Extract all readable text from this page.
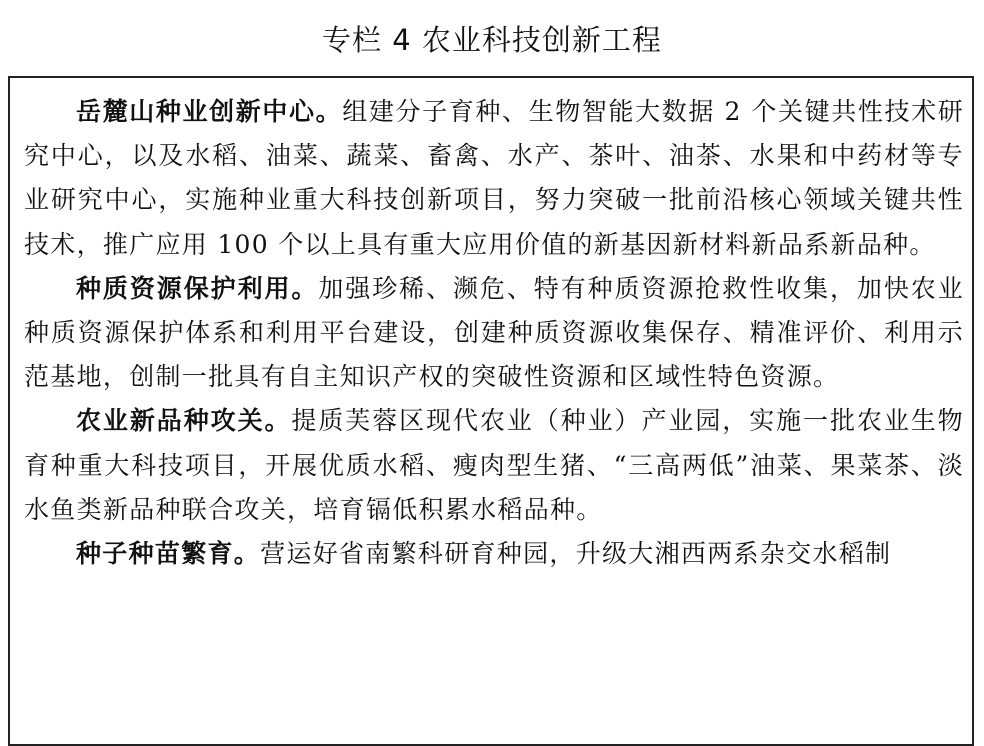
专栏 4 农业科技创新工程

岳麓山种业创新中心。组建分子育种、生物智能大数据 2 个关键共性技术研究中心，以及水稻、油菜、蔬菜、畜禽、水产、茶叶、油茶、水果和中药材等专业研究中心，实施种业重大科技创新项目，努力突破一批前沿核心领域关键共性技术，推广应用 100 个以上具有重大应用价值的新基因新材料新品系新品种。

种质资源保护利用。加强珍稀、濒危、特有种质资源抢救性收集，加快农业种质资源保护体系和利用平台建设，创建种质资源收集保存、精准评价、利用示范基地，创制一批具有自主知识产权的突破性资源和区域性特色资源。

农业新品种攻关。提质芙蓉区现代农业（种业）产业园，实施一批农业生物育种重大科技项目，开展优质水稻、瘦肉型生猪、“三高两低”油菜、果菜茶、淡水鱼类新品种联合攻关，培育镉低积累水稻品种。

种子种苗繁育。营运好省南繁科研育种园，升级大湘西两系杂交水稻制
